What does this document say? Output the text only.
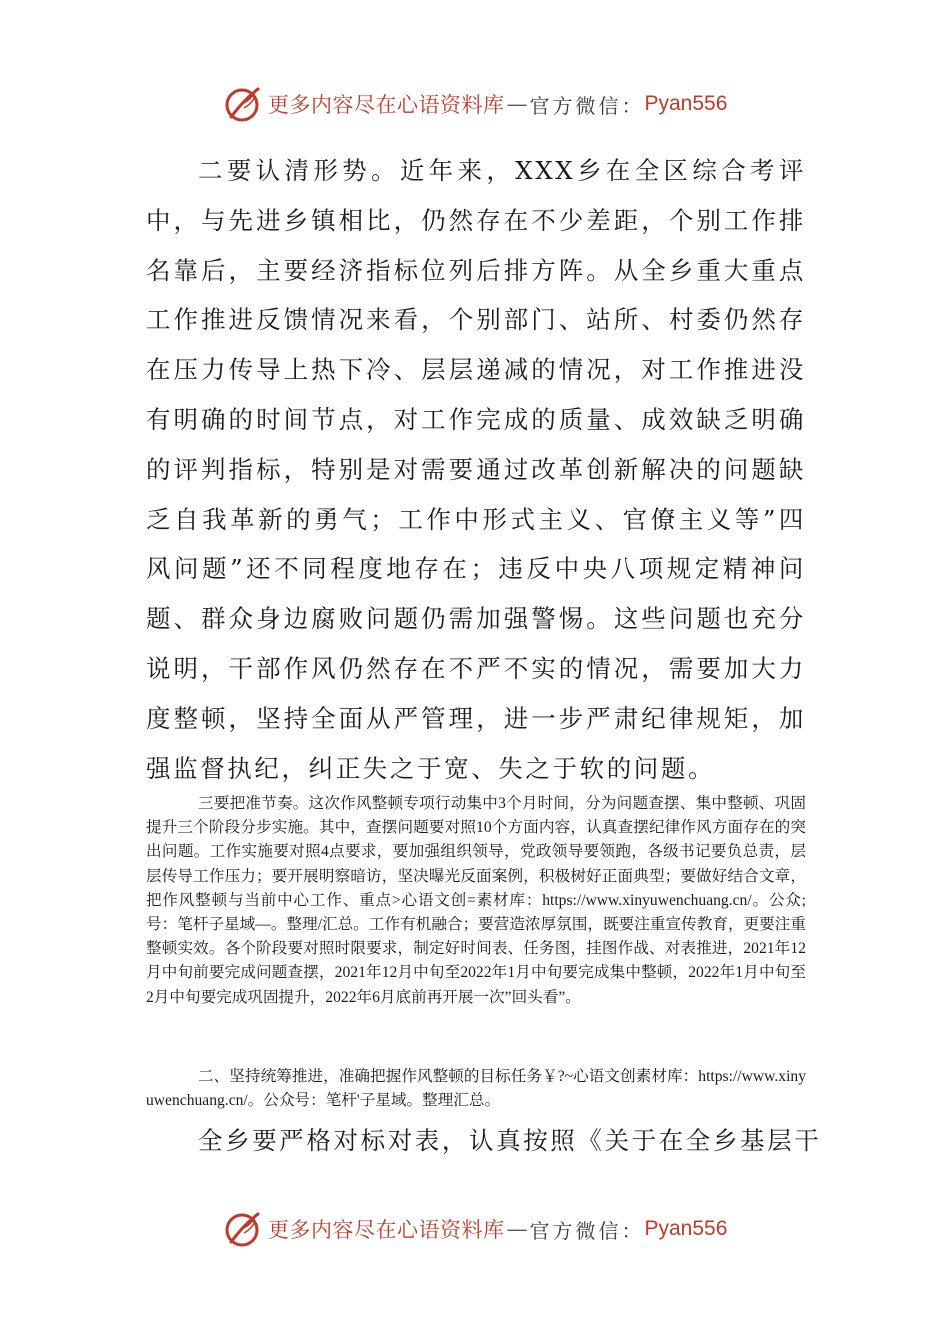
更多内容尽在心语资料库 — 官方微信： Pyan556

二要认清形势。近年来，XXX乡在全区综合考评中，与先进乡镇相比，仍然存在不少差距，个别工作排名靠后，主要经济指标位列后排方阵。从全乡重大重点工作推进反馈情况来看，个别部门、站所、村委仍然存在压力传导上热下冷、层层递减的情况，对工作推进没有明确的时间节点，对工作完成的质量、成效缺乏明确的评判指标，特别是对需要通过改革创新解决的问题缺乏自我革新的勇气；工作中形式主义、官僚主义等”四风问题”还不同程度地存在；违反中央八项规定精神问题、群众身边腐败问题仍需加强警惕。这些问题也充分说明，干部作风仍然存在不严不实的情况，需要加大力度整顿，坚持全面从严管理，进一步严肃纪律规矩，加强监督执纪，纠正失之于宽、失之于软的问题。

三要把准节奏。这次作风整顿专项行动集中3个月时间，分为问题查摆、集中整顿、巩固提升三个阶段分步实施。其中，查摆问题要对照10个方面内容，认真查摆纪律作风方面存在的突出问题。工作实施要对照4点要求，要加强组织领导，党政领导要领跑，各级书记要负总责，层层传导工作压力；要开展明察暗访，坚决曝光反面案例，积极树好正面典型；要做好结合文章，把作风整顿与当前中心工作、重点>心语文创=素材库：https://www.xinyuwenchuang.cn/。公众;号：笔杆子星域—。整理/汇总。工作有机融合；要营造浓厚氛围，既要注重宣传教育，更要注重整顿实效。各个阶段要对照时限要求，制定好时间表、任务图，挂图作战、对表推进，2021年12月中旬前要完成问题查摆，2021年12月中旬至2022年1月中旬要完成集中整顿，2022年1月中旬至2月中旬要完成巩固提升，2022年6月底前再开展一次”回头看”。

二、坚持统筹推进，准确把握作风整顿的目标任务￥?~心语文创素材库：https://www.xinyuwenchuang.cn/。公众号：笔杆'子星域。整理汇总。

全乡要严格对标对表，认真按照《关于在全乡基层干

更多内容尽在心语资料库 — 官方微信： Pyan556
